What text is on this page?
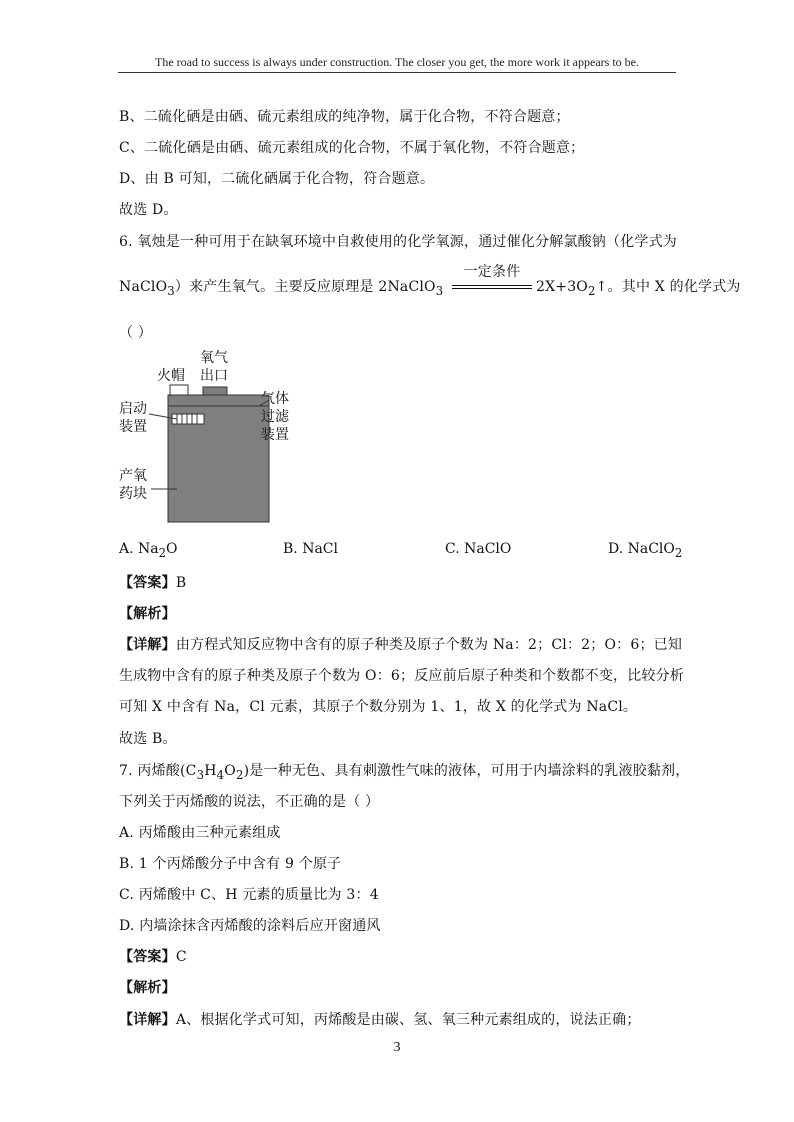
The road to success is always under construction. The closer you get, the more work it appears to be.
B、二硫化硒是由硒、硫元素组成的纯净物，属于化合物，不符合题意；
C、二硫化硒是由硒、硫元素组成的化合物，不属于氧化物，不符合题意；
D、由 B 可知，二硫化硒属于化合物，符合题意。
故选 D。
6. 氧烛是一种可用于在缺氧环境中自救使用的化学氧源，通过催化分解氯酸钠（化学式为
NaClO$_3$）来产生氧气。主要反应原理是 2NaClO$_3$
一定条件
$2X+3O_2↑$。其中 X 的化学式为
（ ）
火帽
氧气
出口
启动
装置
气体
过滤
装置
产氧
药块
A. $Na_2O$	B. NaCl	C. NaClO	D. NaClO$_2$
【答案】B
【解析】
【详解】由方程式知反应物中含有的原子种类及原子个数为 Na：2；Cl：2；O：6；已知
生成物中含有的原子种类及原子个数为 O：6；反应前后原子种类和个数都不变，比较分析
可知 X 中含有 Na，Cl 元素，其原子个数分别为 1、1，故 X 的化学式为 NaCl。
故选 B。
7. 丙烯酸$(C_3H_4O_2)$是一种无色、具有刺激性气味的液体，可用于内墙涂料的乳液胶黏剂，
下列关于丙烯酸的说法，不正确的是（ ）
A. 丙烯酸由三种元素组成
B. 1 个丙烯酸分子中含有 9 个原子
C. 丙烯酸中 C、H 元素的质量比为 3：4
D. 内墙涂抹含丙烯酸的涂料后应开窗通风
【答案】C
【解析】
【详解】A、根据化学式可知，丙烯酸是由碳、氢、氧三种元素组成的，说法正确；
3
